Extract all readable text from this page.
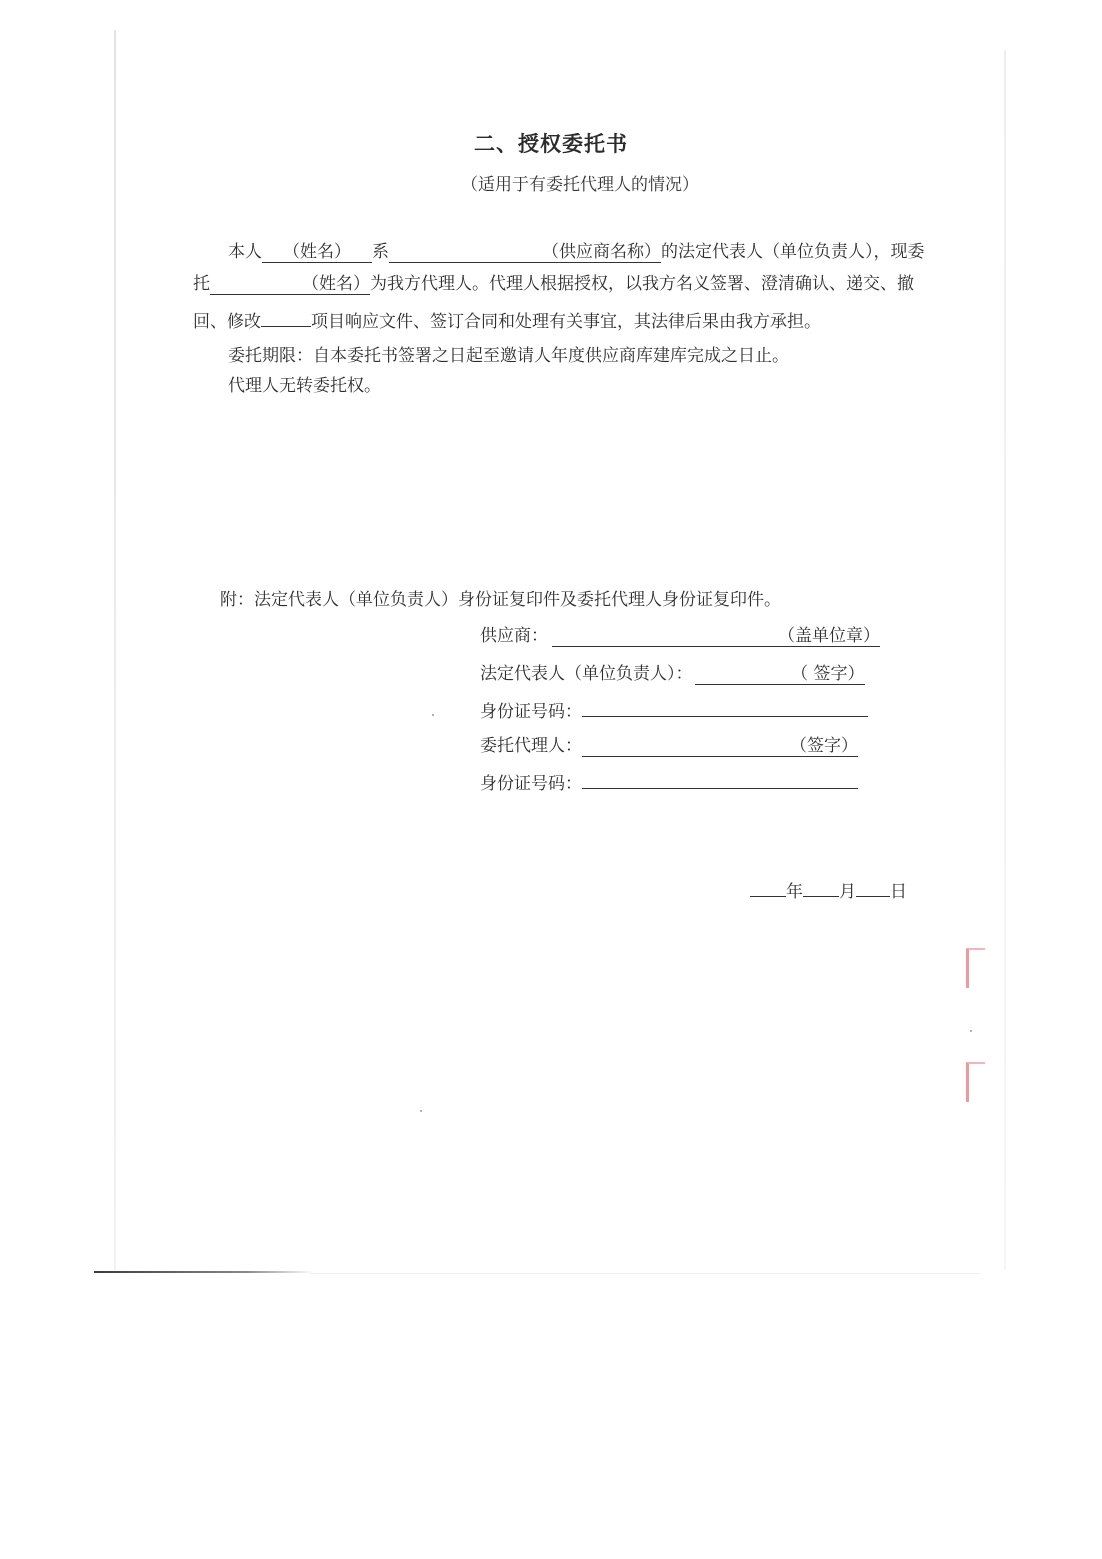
二、授权委托书
（适用于有委托代理人的情况）
本人 （姓名） 系	（供应商名称）的法定代表人（单位负责人），现委
托	（姓名）为我方代理人。代理人根据授权，以我方名义签署、澄清确认、递交、撤
回、修改	项目响应文件、签订合同和处理有关事宜，其法律后果由我方承担。
委托期限：自本委托书签署之日起至邀请人年度供应商库建库完成之日止。
代理人无转委托权。
附：法定代表人（单位负责人）身份证复印件及委托代理人身份证复印件。
供应商：	（盖单位章）
法定代表人（单位负责人）：	（ 签字）
身份证号码：
委托代理人：	（签字）
身份证号码：
年 月 日
